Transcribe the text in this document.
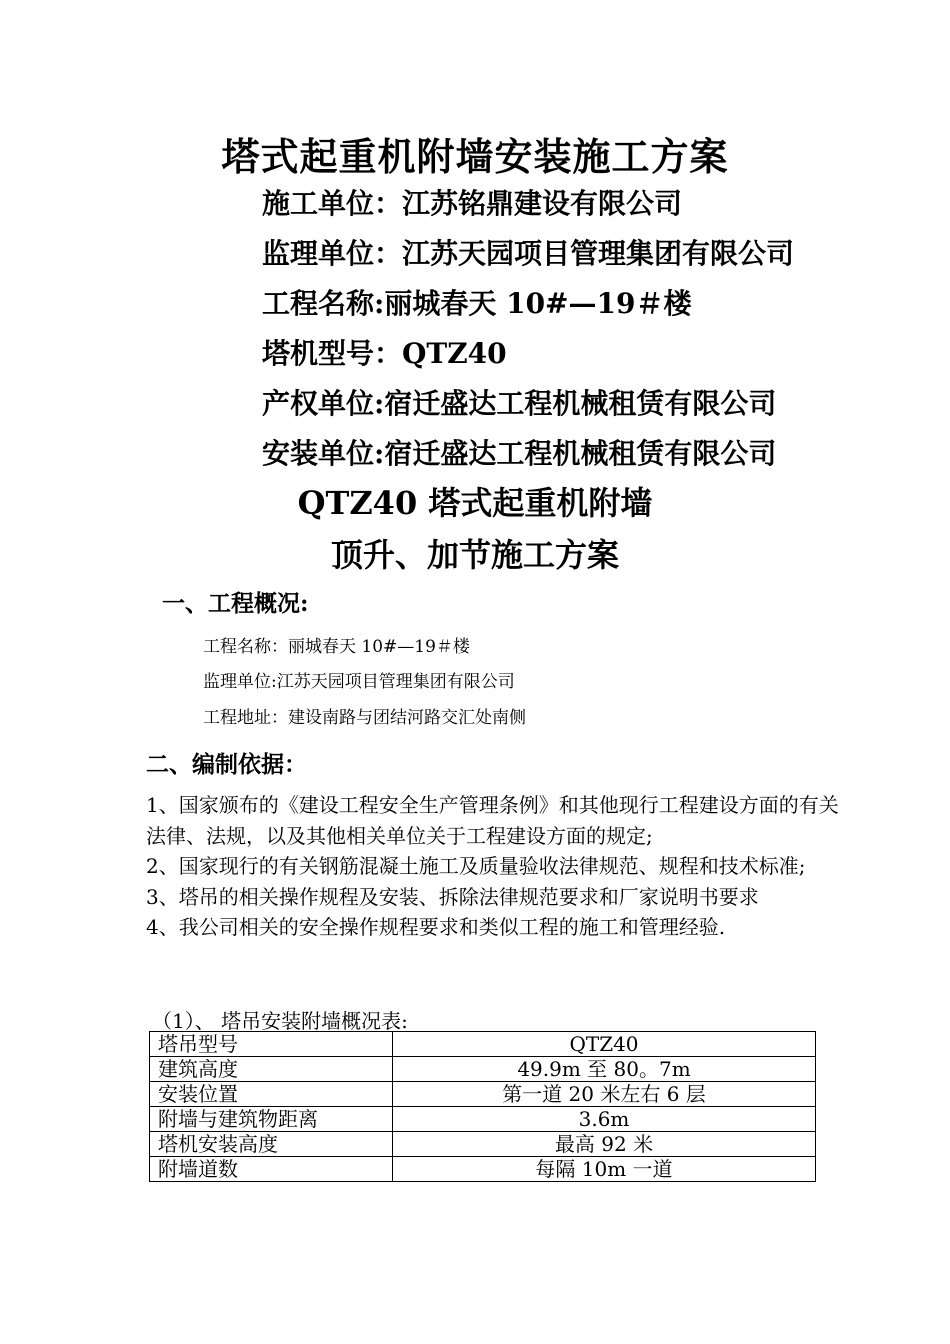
塔式起重机附墙安装施工方案
施工单位：江苏铭鼎建设有限公司
监理单位：江苏天园项目管理集团有限公司
工程名称:丽城春天 10#—19＃楼
塔机型号：QTZ40
产权单位:宿迁盛达工程机械租赁有限公司
安装单位:宿迁盛达工程机械租赁有限公司
QTZ40 塔式起重机附墙
顶升、加节施工方案
一、工程概况:
工程名称：丽城春天 10#—19＃楼
监理单位:江苏天园项目管理集团有限公司
工程地址：建设南路与团结河路交汇处南侧
二、编制依据：

1、国家颁布的《建设工程安全生产管理条例》和其他现行工程建设方面的有关法律、法规，以及其他相关单位关于工程建设方面的规定;

2、国家现行的有关钢筋混凝土施工及质量验收法律规范、规程和技术标准;

3、塔吊的相关操作规程及安装、拆除法律规范要求和厂家说明书要求

4、我公司相关的安全操作规程要求和类似工程的施工和管理经验.

（1）、 塔吊安装附墙概况表:
塔吊型号	QTZ40
建筑高度	49.9m 至 80。7m
安装位置	第一道 20 米左右 6 层
附墙与建筑物距离	3.6m
塔机安装高度	最高 92 米
附墙道数	每隔 10m 一道
